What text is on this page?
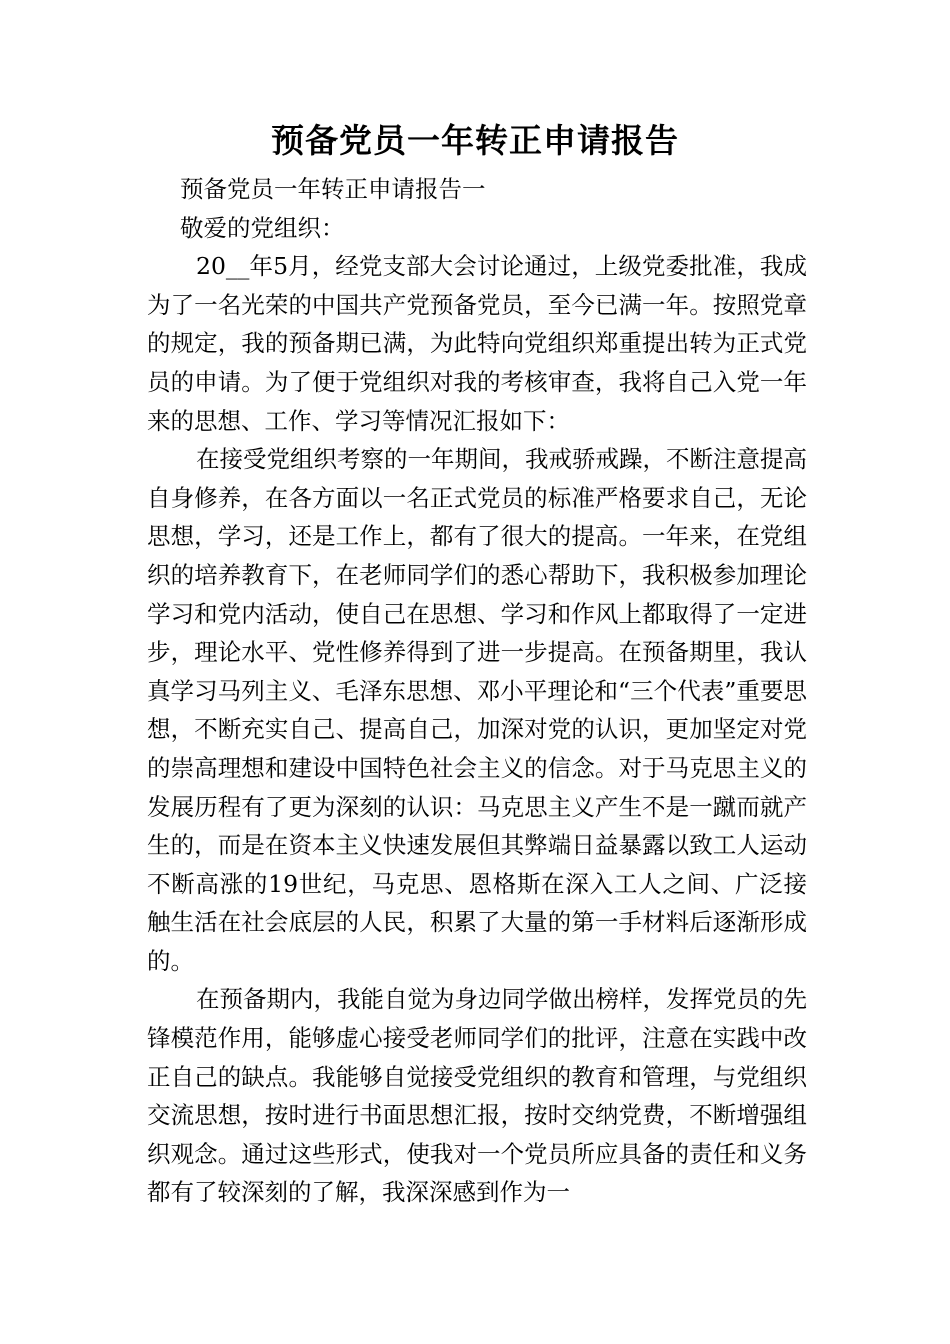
预备党员一年转正申请报告

预备党员一年转正申请报告一

敬爱的党组织：

20__年5月，经党支部大会讨论通过，上级党委批准，我成为了一名光荣的中国共产党预备党员，至今已满一年。按照党章的规定，我的预备期已满，为此特向党组织郑重提出转为正式党员的申请。为了便于党组织对我的考核审查，我将自己入党一年来的思想、工作、学习等情况汇报如下：

在接受党组织考察的一年期间，我戒骄戒躁，不断注意提高自身修养，在各方面以一名正式党员的标准严格要求自己，无论思想，学习，还是工作上，都有了很大的提高。一年来，在党组织的培养教育下，在老师同学们的悉心帮助下，我积极参加理论学习和党内活动，使自己在思想、学习和作风上都取得了一定进步，理论水平、党性修养得到了进一步提高。在预备期里，我认真学习马列主义、毛泽东思想、邓小平理论和“三个代表”重要思想，不断充实自己、提高自己，加深对党的认识，更加坚定对党的崇高理想和建设中国特色社会主义的信念。对于马克思主义的发展历程有了更为深刻的认识：马克思主义产生不是一蹴而就产生的，而是在资本主义快速发展但其弊端日益暴露以致工人运动不断高涨的19世纪，马克思、恩格斯在深入工人之间、广泛接触生活在社会底层的人民，积累了大量的第一手材料后逐渐形成的。

在预备期内，我能自觉为身边同学做出榜样，发挥党员的先锋模范作用，能够虚心接受老师同学们的批评，注意在实践中改正自己的缺点。我能够自觉接受党组织的教育和管理，与党组织交流思想，按时进行书面思想汇报，按时交纳党费，不断增强组织观念。通过这些形式，使我对一个党员所应具备的责任和义务都有了较深刻的了解，我深深感到作为一
